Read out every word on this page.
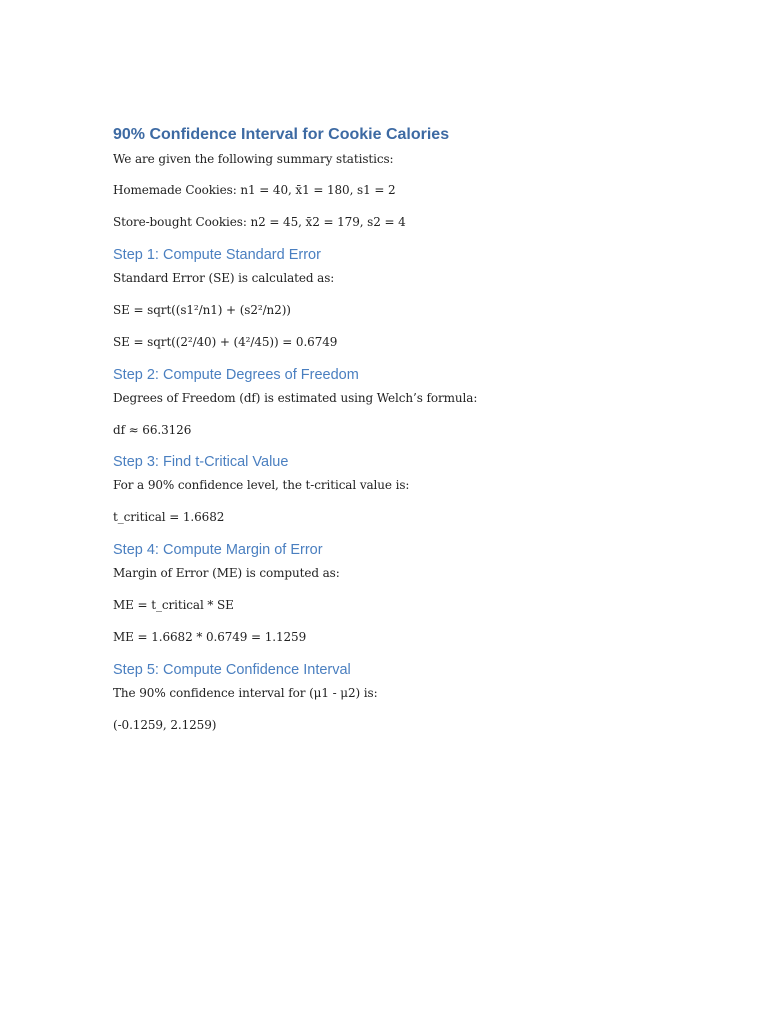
90% Confidence Interval for Cookie Calories

We are given the following summary statistics:

Homemade Cookies: n1 = 40, x̄1 = 180, s1 = 2

Store-bought Cookies: n2 = 45, x̄2 = 179, s2 = 4

Step 1: Compute Standard Error

Standard Error (SE) is calculated as:

SE = sqrt((s1²/n1) + (s2²/n2))

SE = sqrt((2²/40) + (4²/45)) = 0.6749

Step 2: Compute Degrees of Freedom

Degrees of Freedom (df) is estimated using Welch’s formula:

df ≈ 66.3126

Step 3: Find t-Critical Value

For a 90% confidence level, the t-critical value is:

t_critical = 1.6682

Step 4: Compute Margin of Error

Margin of Error (ME) is computed as:

ME = t_critical * SE

ME = 1.6682 * 0.6749 = 1.1259

Step 5: Compute Confidence Interval

The 90% confidence interval for (μ1 - μ2) is:

(-0.1259, 2.1259)
